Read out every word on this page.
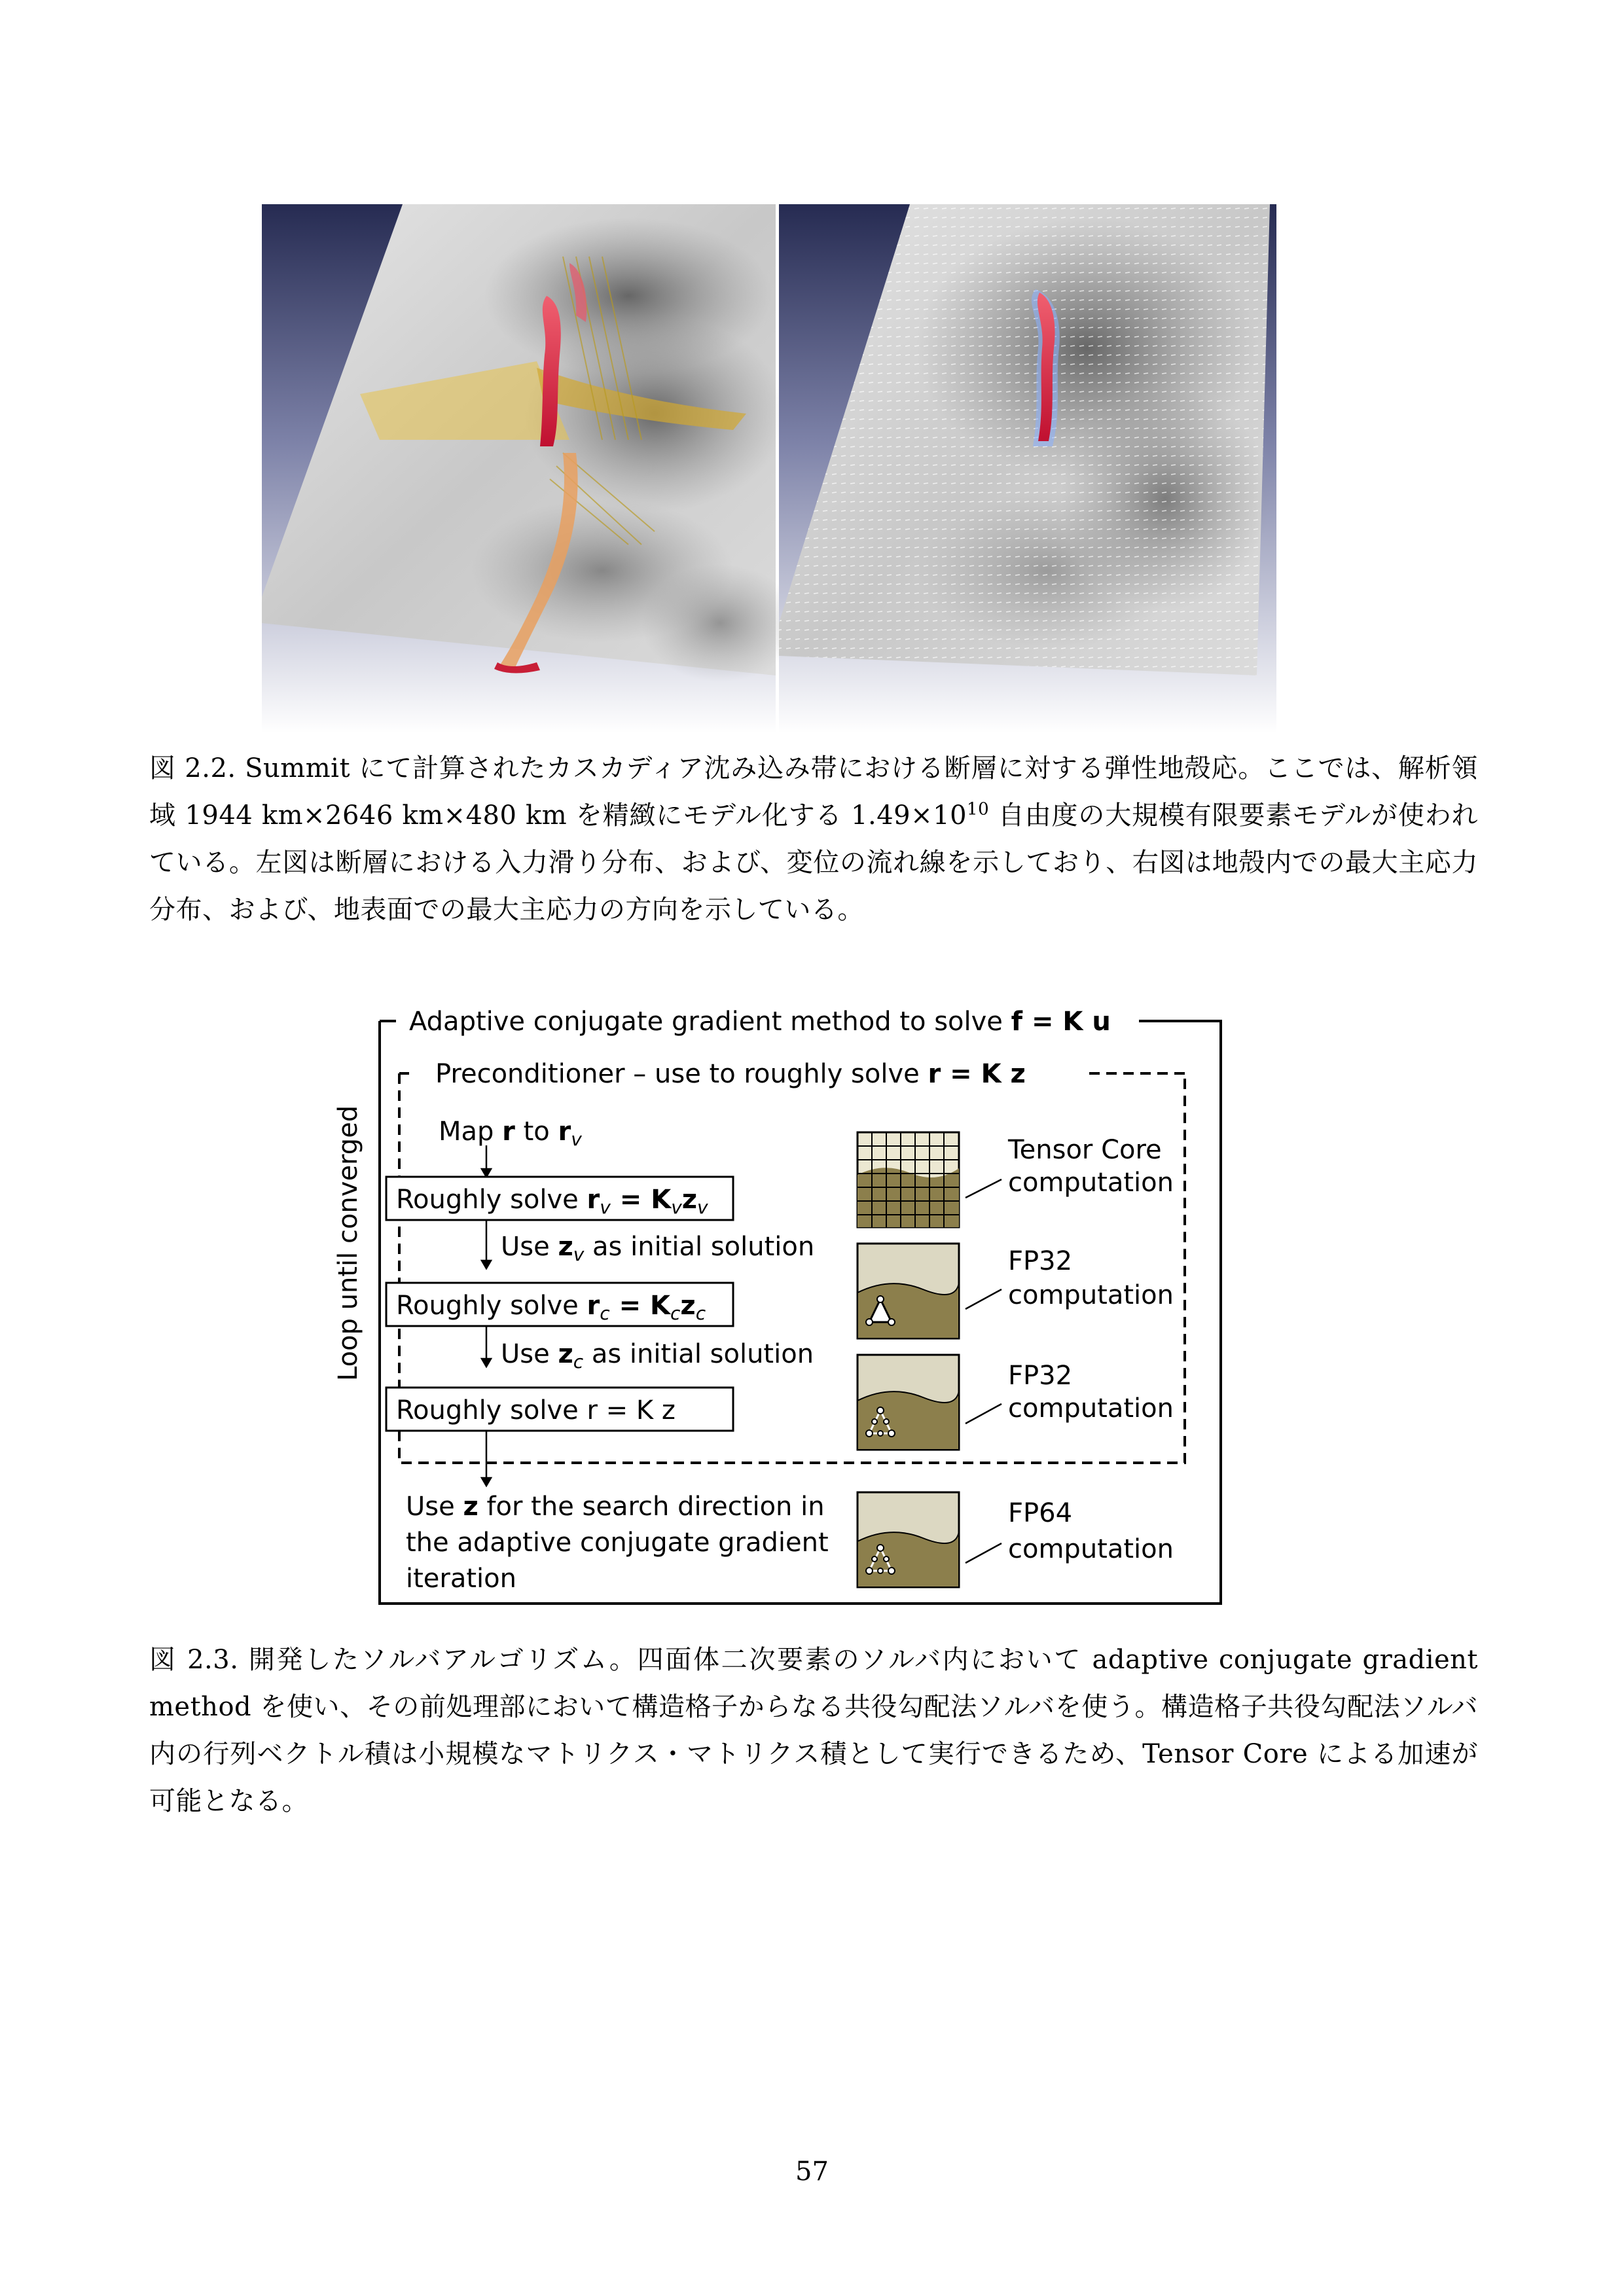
図 2.2. Summit にて計算されたカスカディア沈み込み帯における断層に対する弾性地殻応。ここでは、解析領域 1944 km×2646 km×480 km を精緻にモデル化する $1.49\times 10^{10}$ 自由度の大規模有限要素モデルが使われている。左図は断層における入力滑り分布、および、変位の流れ線を示しており、右図は地殻内での最大主応力分布、および、地表面での最大主応力の方向を示している。
Adaptive conjugate gradient method to solve f = K u
Preconditioner – use to roughly solve r = K z
Loop until converged	Map r to $r_v$
Roughly solve $r_v = K_vz_v$
Use $z_v$ as initial solution
Roughly solve $r_c = K_cz_c$
Use $z_c$ as initial solution
Roughly solve r = K z
Use z for the search direction in
the adaptive conjugate gradient
iteration
Tensor Core
computation
FP32
computation
FP32
computation
FP64
computation
図 2.3. 開発したソルバアルゴリズム。四面体二次要素のソルバ内において adaptive conjugate gradient method を使い、その前処理部において構造格子からなる共役勾配法ソルバを使う。構造格子共役勾配法ソルバ内の行列ベクトル積は小規模なマトリクス・マトリクス積として実行できるため、Tensor Core による加速が可能となる。
57
